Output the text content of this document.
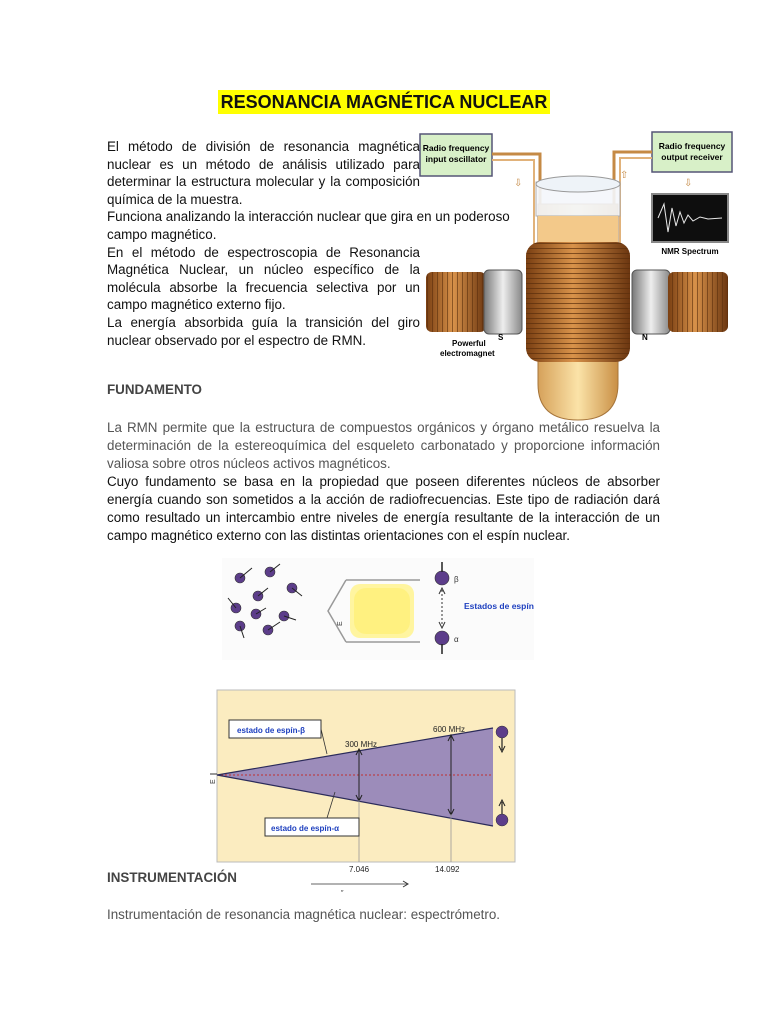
RESONANCIA MAGNÉTICA NUCLEAR

El método de división de resonancia magnética nuclear es un método de análisis utilizado para determinar la estructura molecular y la composición química de la muestra.

Funciona analizando la interacción nuclear que gira en un poderoso campo magnético.

En el método de espectroscopia de Resonancia Magnética Nuclear, un núcleo específico de la molécula absorbe la frecuencia selectiva por un campo magnético externo fijo.

La energía absorbida guía la transición del giro nuclear observado por el espectro de RMN.

Radio frequency
input oscillator
Radio frequency
output receiver
⇩
⇧
⇩
NMR Spectrum
Powerful
electromagnet
S	N
FUNDAMENTO

La RMN permite que la estructura de compuestos orgánicos y órgano metálico resuelva la determinación de la estereoquímica del esqueleto carbonatado y proporcione información valiosa sobre otros núcleos activos magnéticos.

Cuyo fundamento se basa en la propiedad que poseen diferentes núcleos de absorber energía cuando son sometidos a la acción de radiofrecuencias. Este tipo de radiación dará como resultado un intercambio entre niveles de energía resultante de la interacción de un campo magnético externo con las distintas orientaciones con el espín nuclear.

E
β
α
Estados de espín
300 MHz
600 MHz
estado de espín-β
estado de espín-α
E
7.046	14.092
″
INSTRUMENTACIÓN
Instrumentación de resonancia magnética nuclear: espectrómetro.
